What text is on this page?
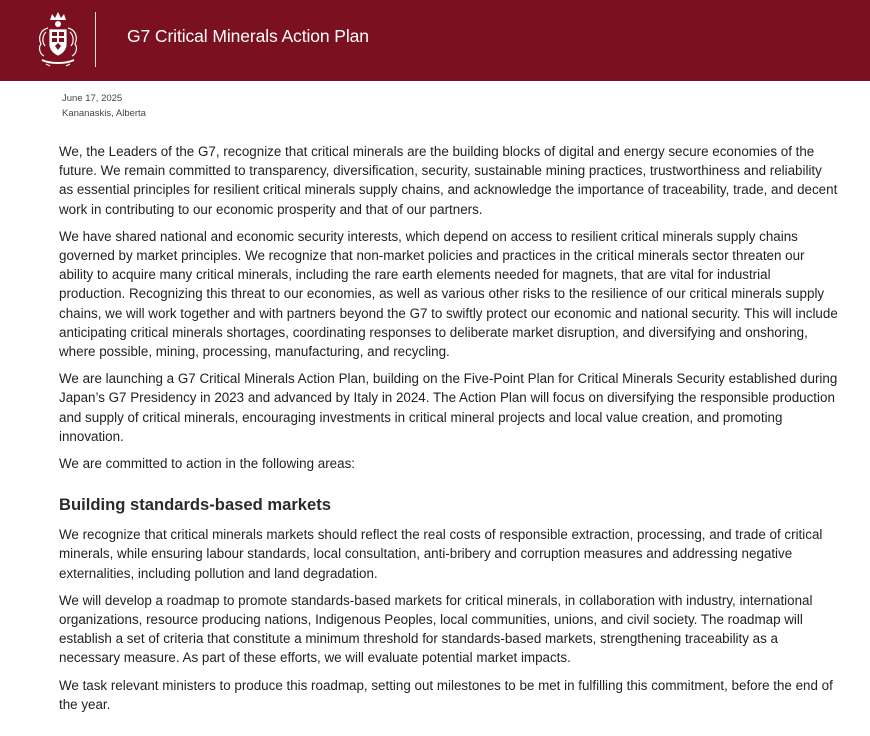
G7 Critical Minerals Action Plan
June 17, 2025
Kananaskis, Alberta

We, the Leaders of the G7, recognize that critical minerals are the building blocks of digital and energy secure economies of the future. We remain committed to transparency, diversification, security, sustainable mining practices, trustworthiness and reliability as essential principles for resilient critical minerals supply chains, and acknowledge the importance of traceability, trade, and decent work in contributing to our economic prosperity and that of our partners.

We have shared national and economic security interests, which depend on access to resilient critical minerals supply chains governed by market principles. We recognize that non-market policies and practices in the critical minerals sector threaten our ability to acquire many critical minerals, including the rare earth elements needed for magnets, that are vital for industrial production. Recognizing this threat to our economies, as well as various other risks to the resilience of our critical minerals supply chains, we will work together and with partners beyond the G7 to swiftly protect our economic and national security. This will include anticipating critical minerals shortages, coordinating responses to deliberate market disruption, and diversifying and onshoring, where possible, mining, processing, manufacturing, and recycling.

We are launching a G7 Critical Minerals Action Plan, building on the Five-Point Plan for Critical Minerals Security established during Japan’s G7 Presidency in 2023 and advanced by Italy in 2024. The Action Plan will focus on diversifying the responsible production and supply of critical minerals, encouraging investments in critical mineral projects and local value creation, and promoting innovation.

We are committed to action in the following areas:

Building standards-based markets

We recognize that critical minerals markets should reflect the real costs of responsible extraction, processing, and trade of critical minerals, while ensuring labour standards, local consultation, anti-bribery and corruption measures and addressing negative externalities, including pollution and land degradation.

We will develop a roadmap to promote standards-based markets for critical minerals, in collaboration with industry, international organizations, resource producing nations, Indigenous Peoples, local communities, unions, and civil society. The roadmap will establish a set of criteria that constitute a minimum threshold for standards-based markets, strengthening traceability as a necessary measure. As part of these efforts, we will evaluate potential market impacts.

We task relevant ministers to produce this roadmap, setting out milestones to be met in fulfilling this commitment, before the end of the year.
